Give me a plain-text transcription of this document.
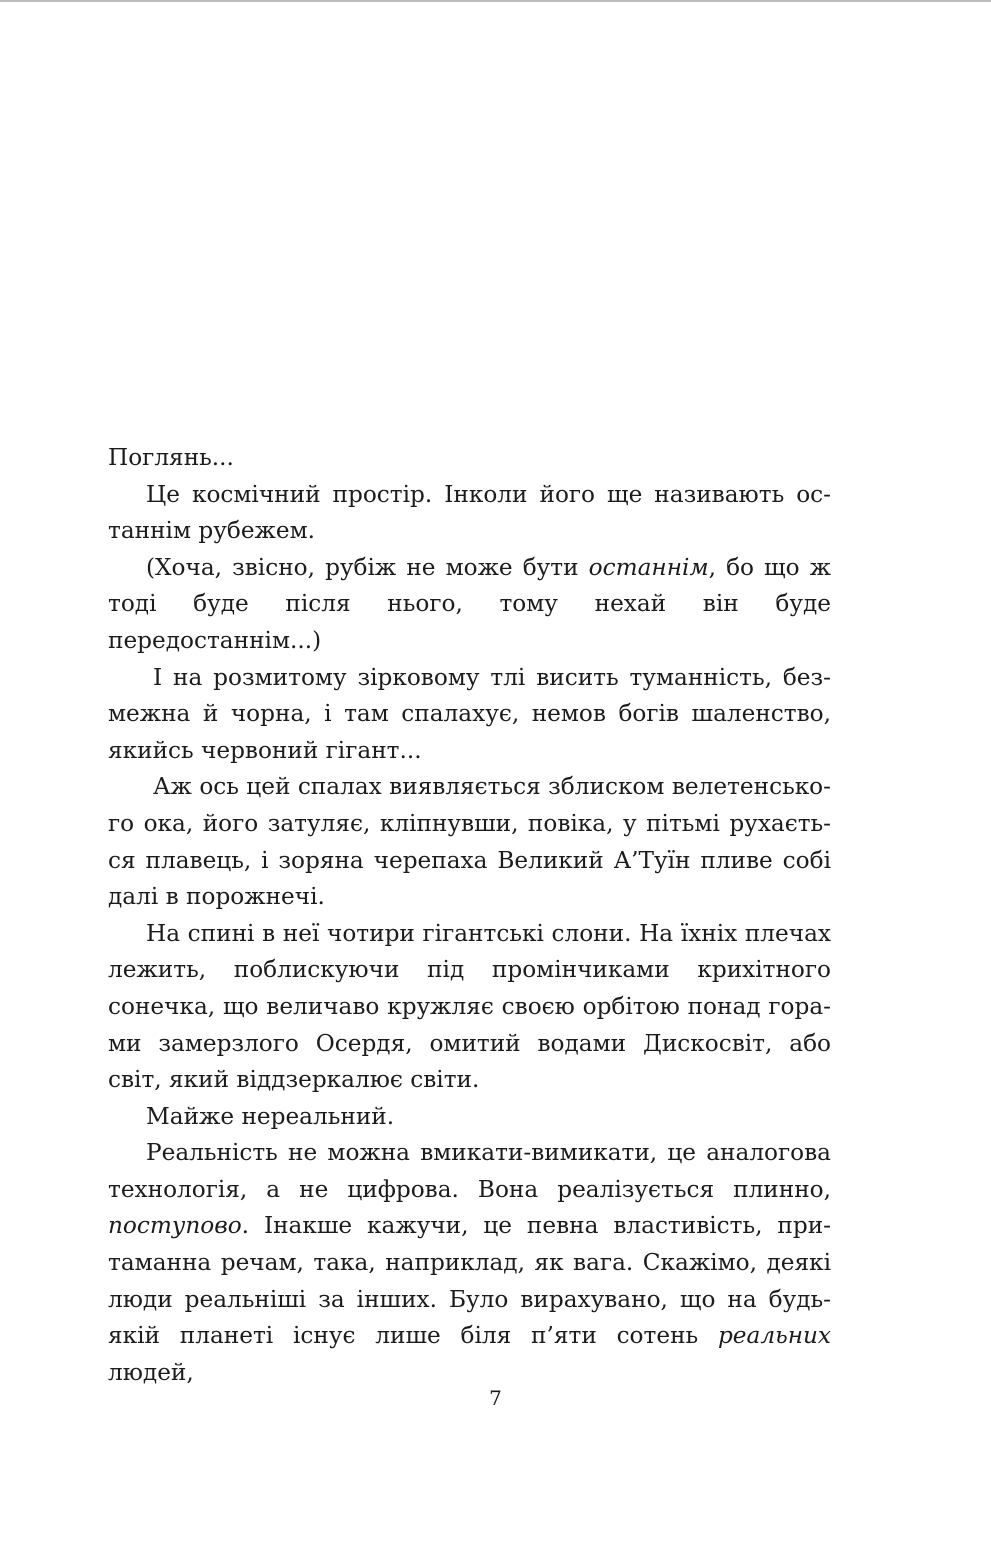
Поглянь...

Це космічний простір. Інколи його ще називають останнім рубежем.

(Хоча, звісно, рубіж не може бути останнім, бо що ж тоді буде після нього, тому нехай він буде передостаннім...)

І на розмитому зірковому тлі висить туманність, безмежна й чорна, і там спалахує, немов богів шаленство, якийсь червоний гігант...

Аж ось цей спалах виявляється зблиском велетенського ока, його затуляє, кліпнувши, повіка, у пітьмі рухається плавець, і зоряна черепаха Великий А’Туїн пливе собі далі в порожнечі.

На спині в неї чотири гігантські слони. На їхніх плечах лежить, поблискуючи під промінчиками крихітного сонечка, що величаво кружляє своєю орбітою понад горами замерзлого Осердя, омитий водами Дискосвіт, або світ, який віддзеркалює світи.

Майже нереальний.

Реальність не можна вмикати-вимикати, це аналогова технологія, а не цифрова. Вона реалізується плинно, поступово. Інакше кажучи, це певна властивість, притаманна речам, така, наприклад, як вага. Скажімо, деякі люди реальніші за інших. Було вирахувано, що на будьякій планеті існує лише біля п’яти сотень реальних людей,

7
